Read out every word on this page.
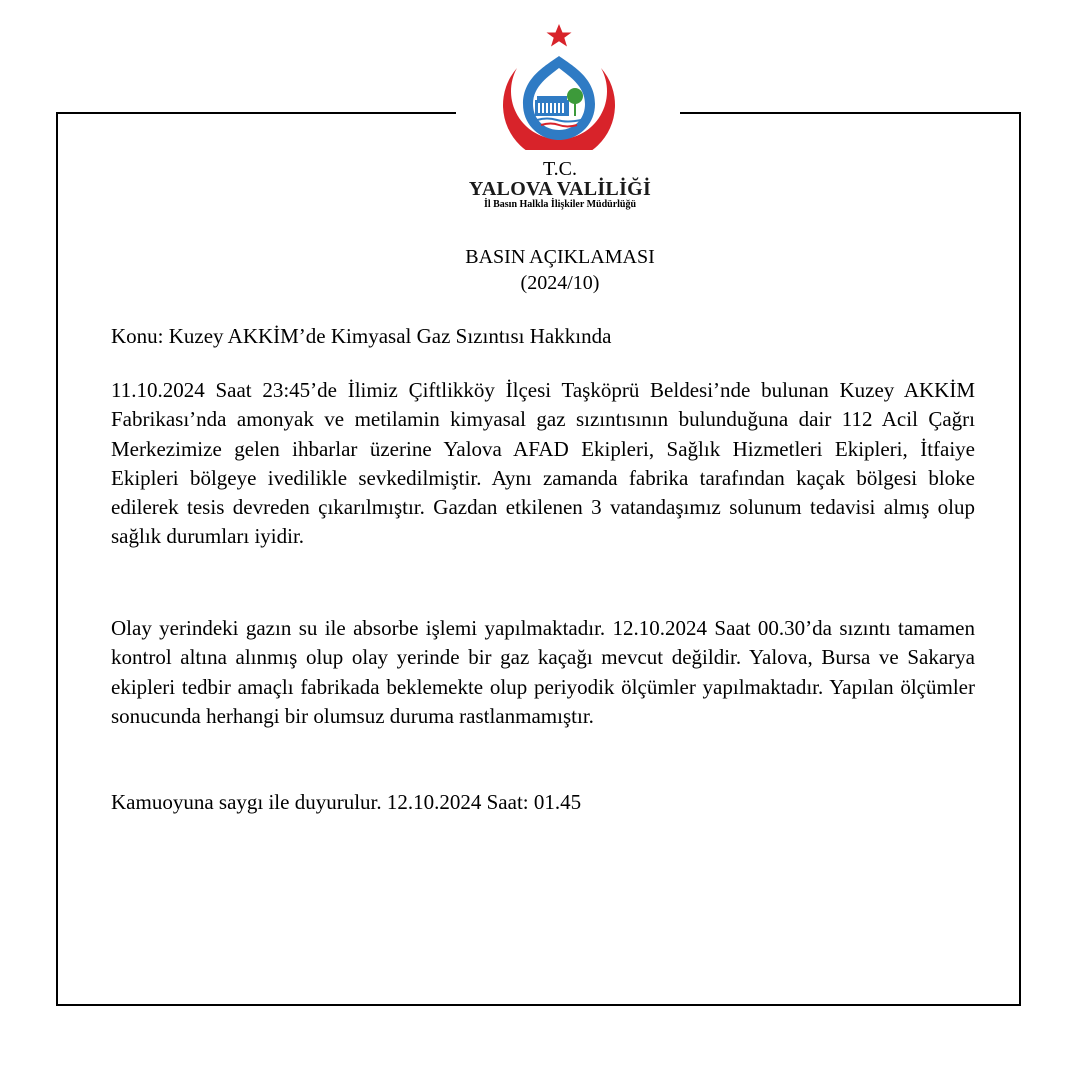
T.C.
YALOVA VALİLİĞİ
İl Basın Halkla İlişkiler Müdürlüğü
BASIN AÇIKLAMASI
(2024/10)
Konu: Kuzey AKKİM’de Kimyasal Gaz Sızıntısı Hakkında
11.10.2024 Saat 23:45’de İlimiz Çiftlikköy İlçesi Taşköprü Beldesi’nde bulunan Kuzey AKKİM Fabrikası’nda amonyak ve metilamin kimyasal gaz sızıntısının bulunduğuna dair 112 Acil Çağrı Merkezimize gelen ihbarlar üzerine Yalova AFAD Ekipleri, Sağlık Hizmetleri Ekipleri, İtfaiye Ekipleri bölgeye ivedilikle sevkedilmiştir. Aynı zamanda fabrika tarafından kaçak bölgesi bloke edilerek tesis devreden çıkarılmıştır. Gazdan etkilenen 3 vatandaşımız solunum tedavisi almış olup sağlık durumları iyidir.
Olay yerindeki gazın su ile absorbe işlemi yapılmaktadır. 12.10.2024 Saat 00.30’da sızıntı tamamen kontrol altına alınmış olup olay yerinde bir gaz kaçağı mevcut değildir. Yalova, Bursa ve Sakarya ekipleri tedbir amaçlı fabrikada beklemekte olup periyodik ölçümler yapılmaktadır. Yapılan ölçümler sonucunda herhangi bir olumsuz duruma rastlanmamıştır.
Kamuoyuna saygı ile duyurulur. 12.10.2024 Saat: 01.45
